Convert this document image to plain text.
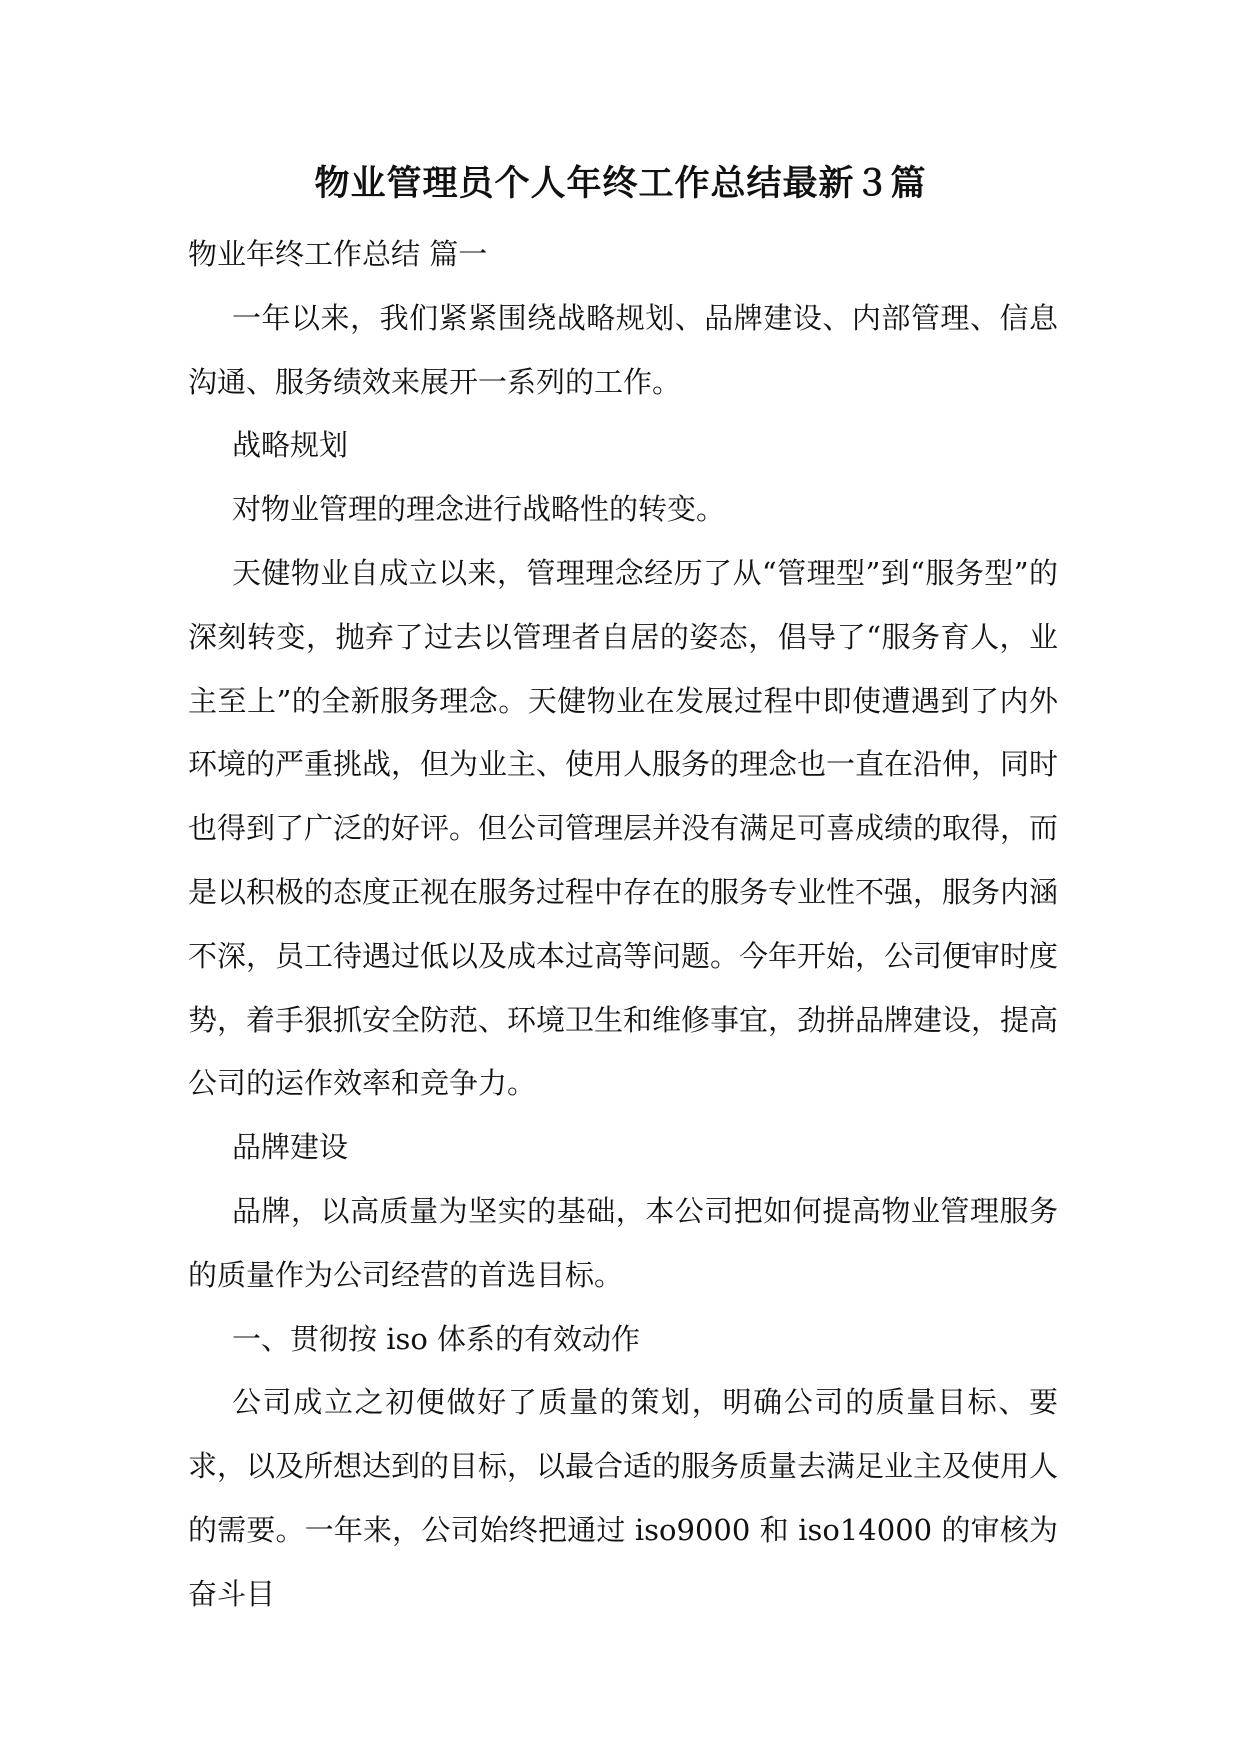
物业管理员个人年终工作总结最新３篇

物业年终工作总结 篇一

一年以来，我们紧紧围绕战略规划、品牌建设、内部管理、信息沟通、服务绩效来展开一系列的工作。

战略规划

对物业管理的理念进行战略性的转变。

天健物业自成立以来，管理理念经历了从“管理型”到“服务型”的深刻转变，抛弃了过去以管理者自居的姿态，倡导了“服务育人，业主至上”的全新服务理念。天健物业在发展过程中即使遭遇到了内外环境的严重挑战，但为业主、使用人服务的理念也一直在沿伸，同时也得到了广泛的好评。但公司管理层并没有满足可喜成绩的取得，而是以积极的态度正视在服务过程中存在的服务专业性不强，服务内涵不深，员工待遇过低以及成本过高等问题。今年开始，公司便审时度势，着手狠抓安全防范、环境卫生和维修事宜，劲拼品牌建设，提高公司的运作效率和竞争力。

品牌建设

品牌，以高质量为坚实的基础，本公司把如何提高物业管理服务的质量作为公司经营的首选目标。

一、贯彻按 iso 体系的有效动作

公司成立之初便做好了质量的策划，明确公司的质量目标、要求，以及所想达到的目标，以最合适的服务质量去满足业主及使用人的需要。一年来，公司始终把通过 iso9000 和 iso14000 的审核为奋斗目
